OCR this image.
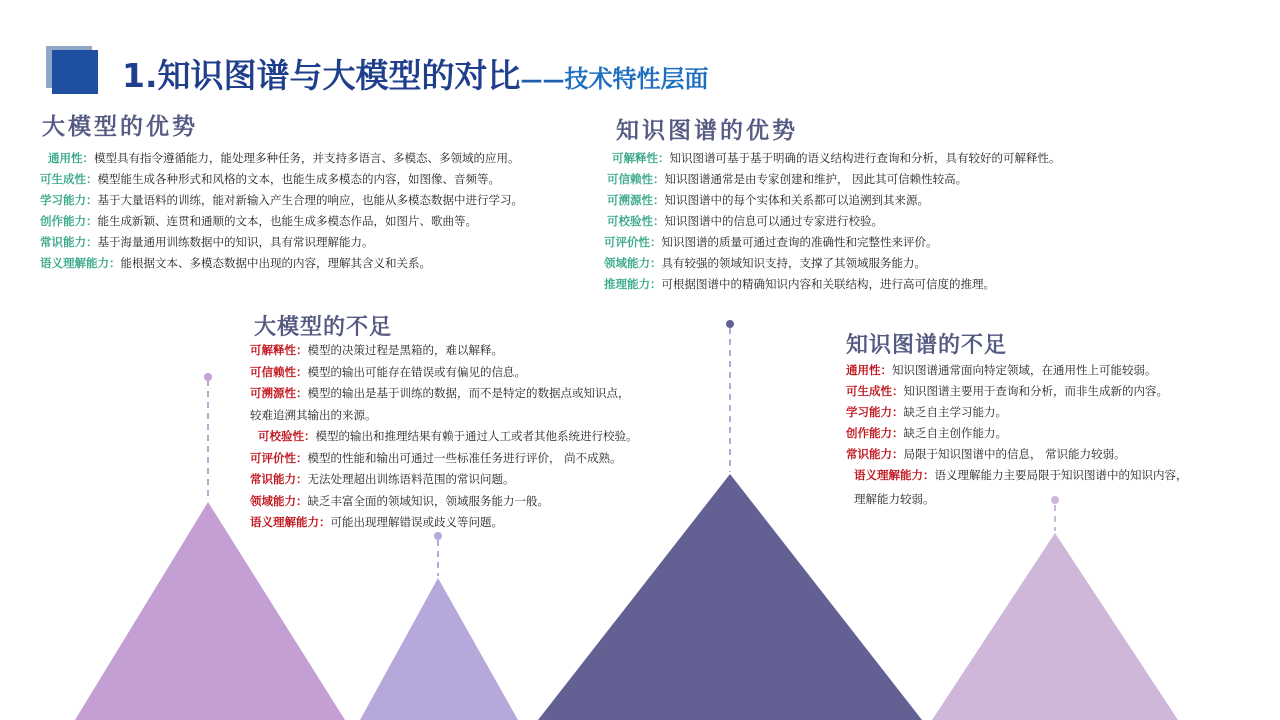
1.知识图谱与大模型的对比——技术特性层面
大模型的优势
通用性：模型具有指令遵循能力，能处理多种任务，并支持多语言、多模态、多领域的应用。
可生成性：模型能生成各种形式和风格的文本，也能生成多模态的内容，如图像、音频等。
学习能力：基于大量语料的训练，能对新输入产生合理的响应，也能从多模态数据中进行学习。
创作能力：能生成新颖、连贯和通顺的文本，也能生成多模态作品，如图片、歌曲等。
常识能力：基于海量通用训练数据中的知识，具有常识理解能力。
语义理解能力：能根据文本、多模态数据中出现的内容，理解其含义和关系。
知识图谱的优势
可解释性：知识图谱可基于基于明确的语义结构进行查询和分析，具有较好的可解释性。
可信赖性：知识图谱通常是由专家创建和维护， 因此其可信赖性较高。
可溯源性：知识图谱中的每个实体和关系都可以追溯到其来源。
可校验性：知识图谱中的信息可以通过专家进行校验。
可评价性：知识图谱的质量可通过查询的准确性和完整性来评价。
领域能力：具有较强的领域知识支持，支撑了其领域服务能力。
推理能力：可根据图谱中的精确知识内容和关联结构，进行高可信度的推理。
大模型的不足
可解释性：模型的决策过程是黑箱的，难以解释。
可信赖性：模型的输出可能存在错误或有偏见的信息。
可溯源性：模型的输出是基于训练的数据，而不是特定的数据点或知识点，
较难追溯其输出的来源。
可校验性：模型的输出和推理结果有赖于通过人工或者其他系统进行校验。
可评价性：模型的性能和输出可通过一些标准任务进行评价， 尚不成熟。
常识能力：无法处理超出训练语料范围的常识问题。
领域能力：缺乏丰富全面的领域知识，领域服务能力一般。
语义理解能力：可能出现理解错误或歧义等问题。
知识图谱的不足
通用性：知识图谱通常面向特定领域，在通用性上可能较弱。
可生成性：知识图谱主要用于查询和分析，而非生成新的内容。
学习能力：缺乏自主学习能力。
创作能力：缺乏自主创作能力。
常识能力：局限于知识图谱中的信息， 常识能力较弱。
语义理解能力：语义理解能力主要局限于知识图谱中的知识内容，
理解能力较弱。
